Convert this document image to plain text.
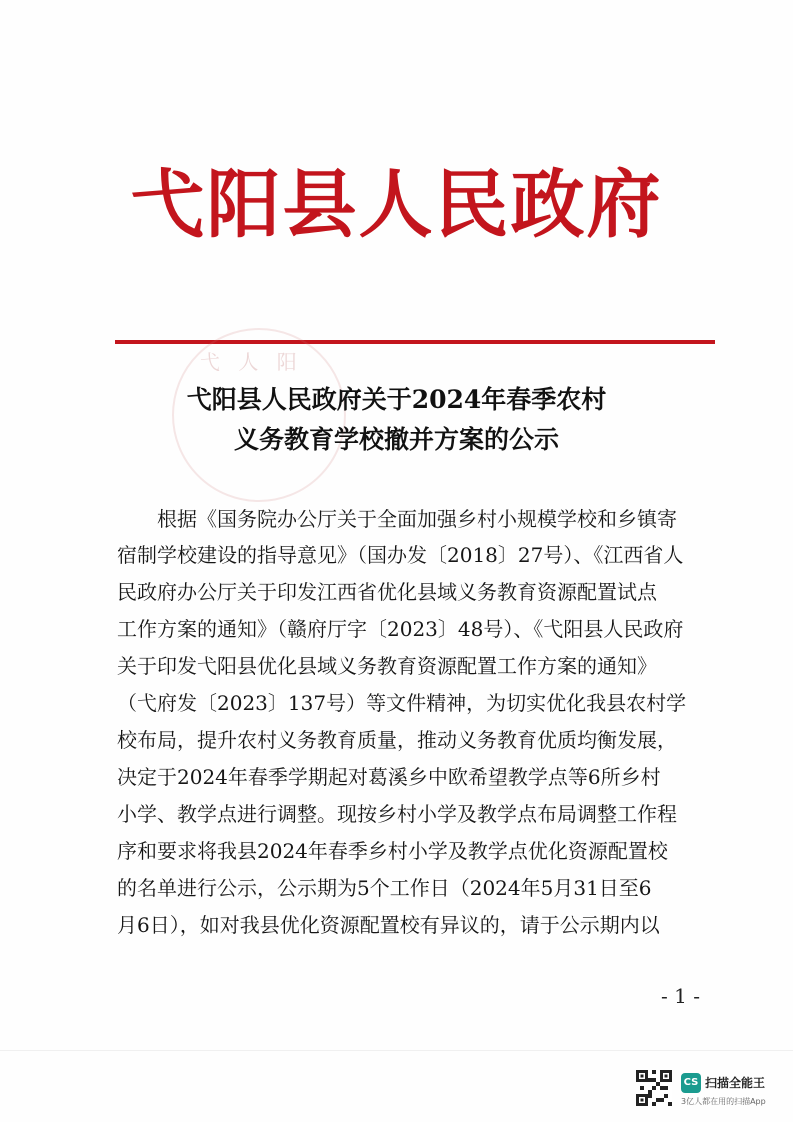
弋阳县人民政府
弋 人 阳
弋阳县人民政府关于2024年春季农村
义务教育学校撤并方案的公示
　　根据《国务院办公厅关于全面加强乡村小规模学校和乡镇寄
宿制学校建设的指导意见》（国办发〔2018〕27号）、《江西省人
民政府办公厅关于印发江西省优化县域义务教育资源配置试点
工作方案的通知》（赣府厅字〔2023〕48号）、《弋阳县人民政府
关于印发弋阳县优化县域义务教育资源配置工作方案的通知》
（弋府发〔2023〕137号）等文件精神，为切实优化我县农村学
校布局，提升农村义务教育质量，推动义务教育优质均衡发展，
决定于2024年春季学期起对葛溪乡中欧希望教学点等6所乡村
小学、教学点进行调整。现按乡村小学及教学点布局调整工作程
序和要求将我县2024年春季乡村小学及教学点优化资源配置校
的名单进行公示，公示期为5个工作日（2024年5月31日至6
月6日），如对我县优化资源配置校有异议的，请于公示期内以
- 1 -
CS 扫描全能王
3亿人都在用的扫描App
